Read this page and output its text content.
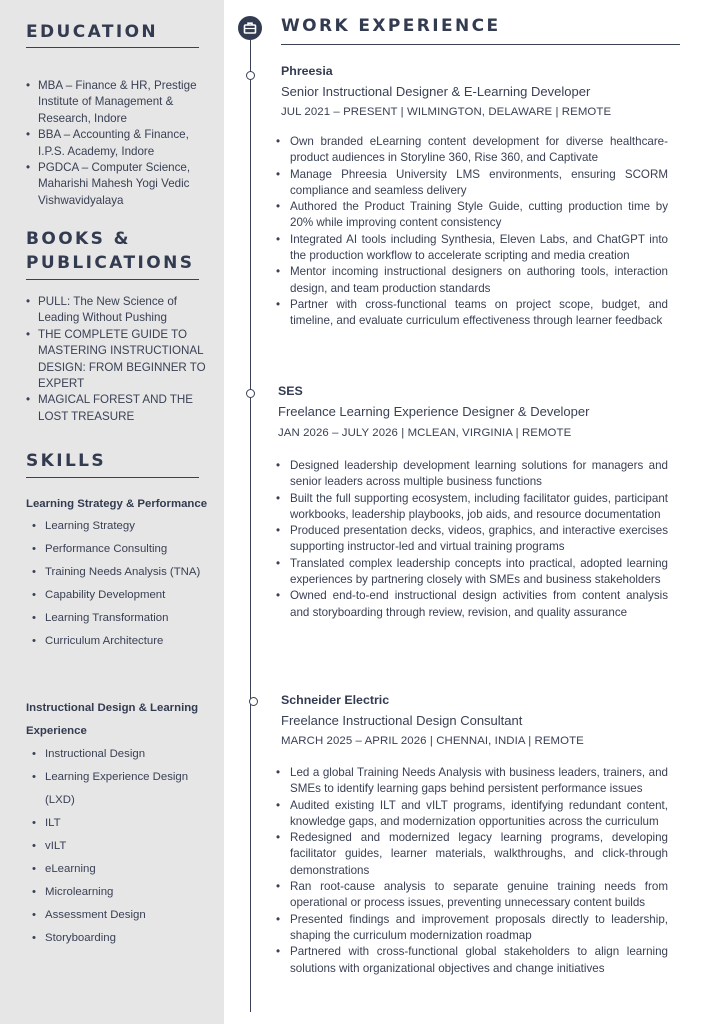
EDUCATION
• MBA – Finance & HR, Prestige Institute of Management & Research, Indore
• BBA – Accounting & Finance, I.P.S. Academy, Indore
• PGDCA – Computer Science, Maharishi Mahesh Yogi Vedic Vishwavidyalaya
BOOKS &
PUBLICATIONS
• PULL: The New Science of Leading Without Pushing
• THE COMPLETE GUIDE TO MASTERING INSTRUCTIONAL DESIGN: FROM BEGINNER TO EXPERT
• MAGICAL FOREST AND THE LOST TREASURE
SKILLS

Learning Strategy & Performance

• Learning Strategy
• Performance Consulting
• Training Needs Analysis (TNA)
• Capability Development
• Learning Transformation
• Curriculum Architecture

Instructional Design & Learning Experience

• Instructional Design
• Learning Experience Design (LXD)
• ILT
• vILT
• eLearning
• Microlearning
• Assessment Design
• Storyboarding
WORK EXPERIENCE

Phreesia

Senior Instructional Designer & E-Learning Developer

JUL 2021 – PRESENT | WILMINGTON, DELAWARE | REMOTE

• Own branded eLearning content development for diverse healthcare-product audiences in Storyline 360, Rise 360, and Captivate
• Manage Phreesia University LMS environments, ensuring SCORM compliance and seamless delivery
• Authored the Product Training Style Guide, cutting production time by 20% while improving content consistency
• Integrated AI tools including Synthesia, Eleven Labs, and ChatGPT into the production workflow to accelerate scripting and media creation
• Mentor incoming instructional designers on authoring tools, interaction design, and team production standards
• Partner with cross-functional teams on project scope, budget, and timeline, and evaluate curriculum effectiveness through learner feedback

SES

Freelance Learning Experience Designer & Developer

JAN 2026 – JULY 2026 | MCLEAN, VIRGINIA | REMOTE

• Designed leadership development learning solutions for managers and senior leaders across multiple business functions
• Built the full supporting ecosystem, including facilitator guides, participant workbooks, leadership playbooks, job aids, and resource documentation
• Produced presentation decks, videos, graphics, and interactive exercises supporting instructor-led and virtual training programs
• Translated complex leadership concepts into practical, adopted learning experiences by partnering closely with SMEs and business stakeholders
• Owned end-to-end instructional design activities from content analysis and storyboarding through review, revision, and quality assurance

Schneider Electric

Freelance Instructional Design Consultant

MARCH 2025 – APRIL 2026 | CHENNAI, INDIA | REMOTE

• Led a global Training Needs Analysis with business leaders, trainers, and SMEs to identify learning gaps behind persistent performance issues
• Audited existing ILT and vILT programs, identifying redundant content, knowledge gaps, and modernization opportunities across the curriculum
• Redesigned and modernized legacy learning programs, developing facilitator guides, learner materials, walkthroughs, and click-through demonstrations
• Ran root-cause analysis to separate genuine training needs from operational or process issues, preventing unnecessary content builds
• Presented findings and improvement proposals directly to leadership, shaping the curriculum modernization roadmap
• Partnered with cross-functional global stakeholders to align learning solutions with organizational objectives and change initiatives
